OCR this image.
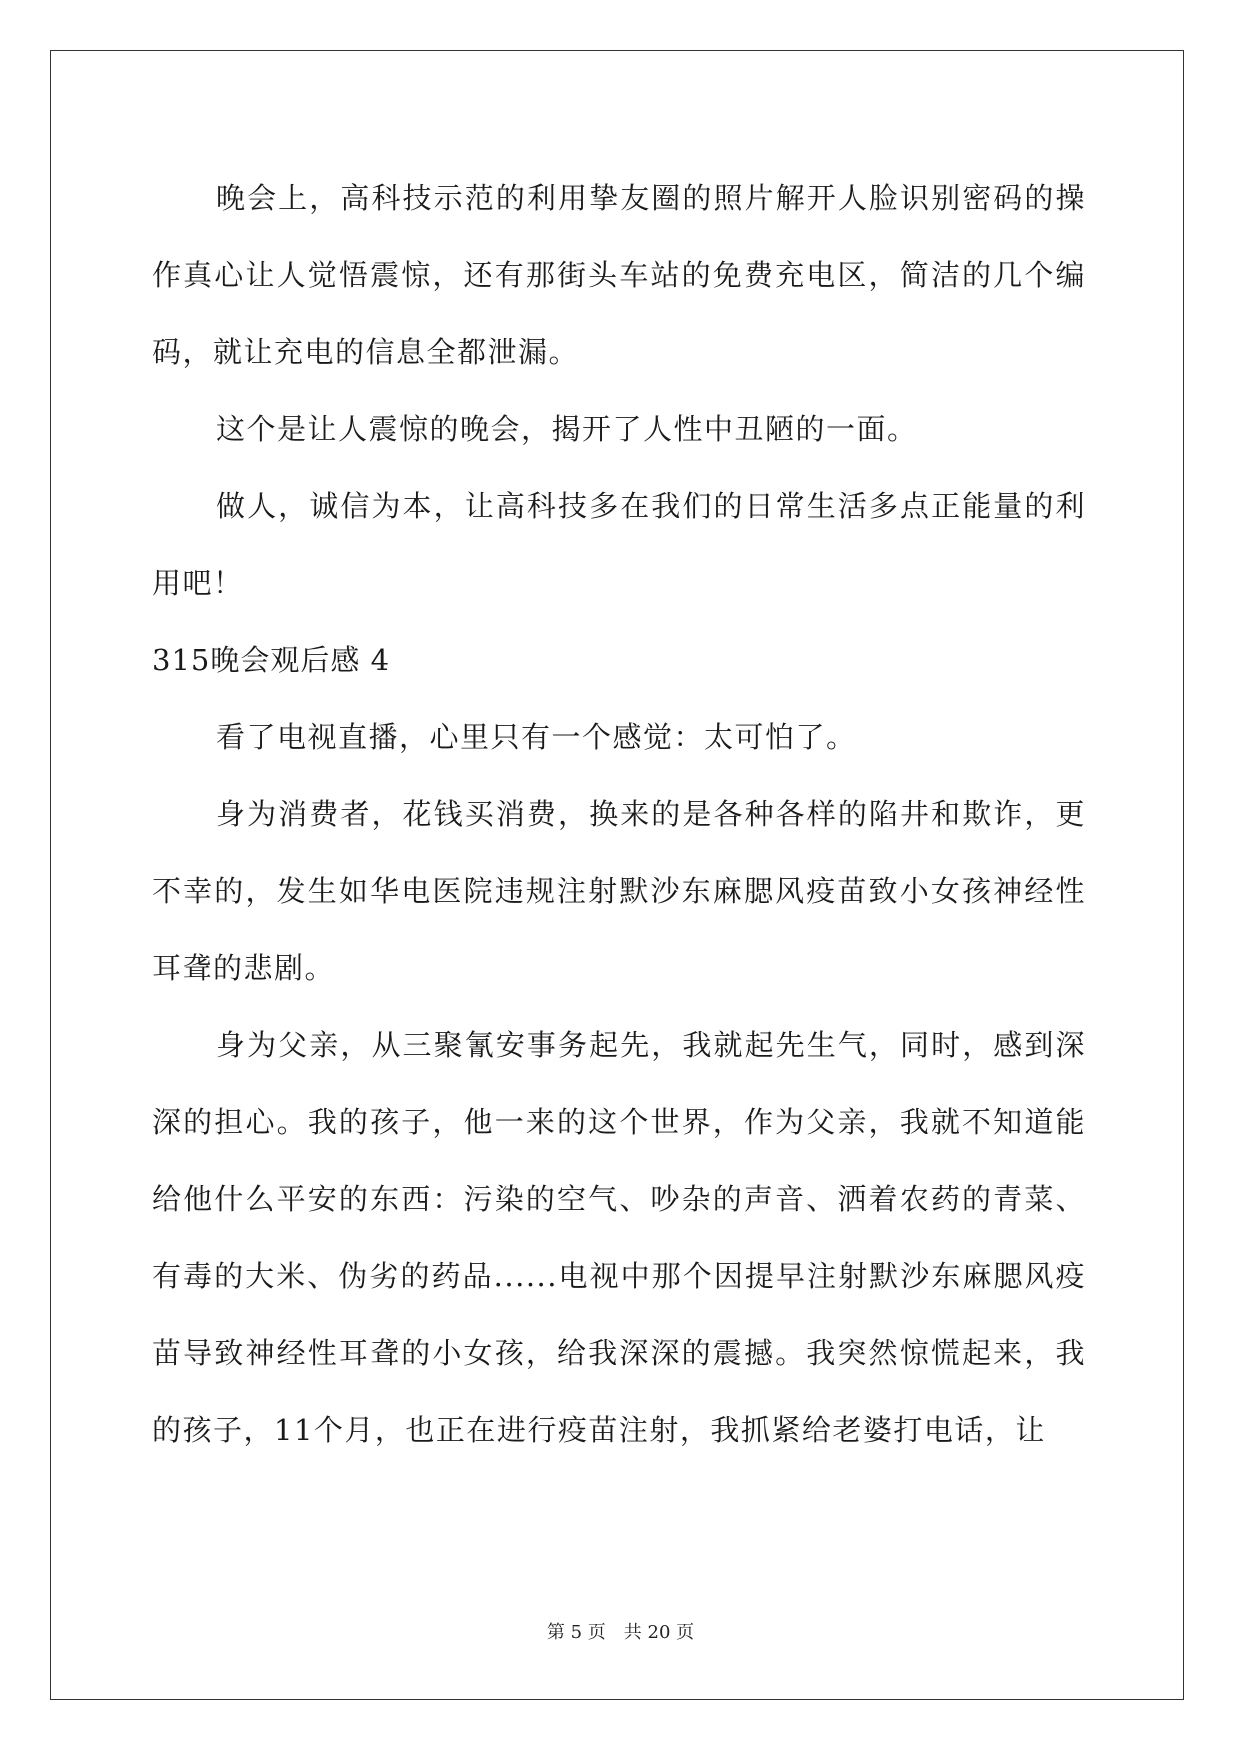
晚会上，高科技示范的利用挚友圈的照片解开人脸识别密码的操作真心让人觉悟震惊，还有那街头车站的免费充电区，简洁的几个编码，就让充电的信息全都泄漏。

这个是让人震惊的晚会，揭开了人性中丑陋的一面。

做人，诚信为本，让高科技多在我们的日常生活多点正能量的利用吧！

315晚会观后感 4

看了电视直播，心里只有一个感觉：太可怕了。

身为消费者，花钱买消费，换来的是各种各样的陷井和欺诈，更不幸的，发生如华电医院违规注射默沙东麻腮风疫苗致小女孩神经性耳聋的悲剧。

身为父亲，从三聚氰安事务起先，我就起先生气，同时，感到深深的担心。我的孩子，他一来的这个世界，作为父亲，我就不知道能给他什么平安的东西：污染的空气、吵杂的声音、洒着农药的青菜、有毒的大米、伪劣的药品......电视中那个因提早注射默沙东麻腮风疫苗导致神经性耳聋的小女孩，给我深深的震撼。我突然惊慌起来，我的孩子，11个月，也正在进行疫苗注射，我抓紧给老婆打电话，让

第 5 页　共 20 页
